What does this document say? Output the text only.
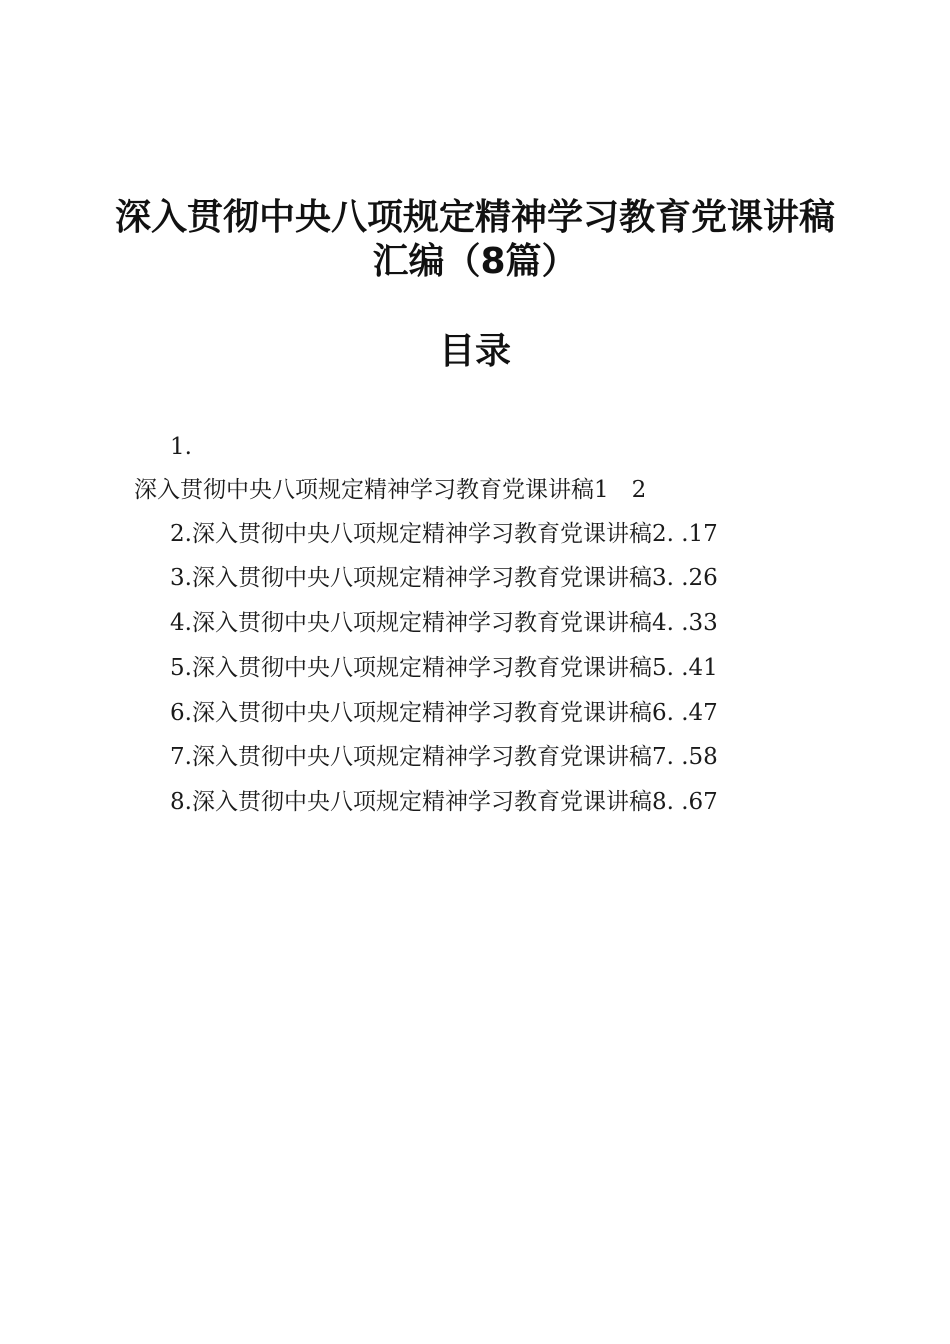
深入贯彻中央八项规定精神学习教育党课讲稿
汇编（8篇）
目录
1.
深入贯彻中央八项规定精神学习教育党课讲稿1　2
2.深入贯彻中央八项规定精神学习教育党课讲稿2. .17
3.深入贯彻中央八项规定精神学习教育党课讲稿3. .26
4.深入贯彻中央八项规定精神学习教育党课讲稿4. .33
5.深入贯彻中央八项规定精神学习教育党课讲稿5. .41
6.深入贯彻中央八项规定精神学习教育党课讲稿6. .47
7.深入贯彻中央八项规定精神学习教育党课讲稿7. .58
8.深入贯彻中央八项规定精神学习教育党课讲稿8. .67
